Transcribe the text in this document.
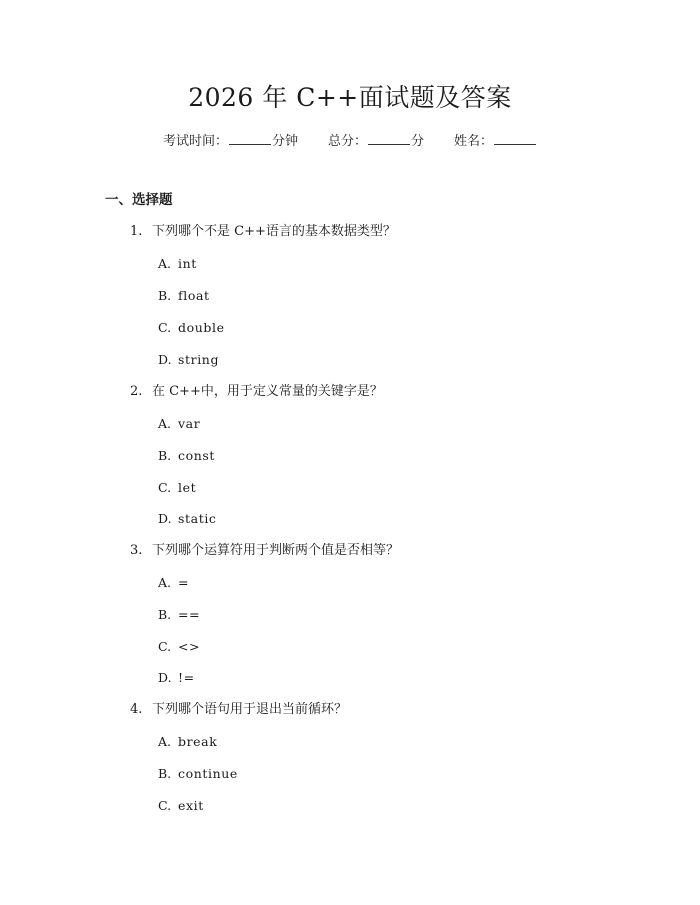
2026 年 C++面试题及答案
考试时间：	分钟 总分：	分 姓名：
一、选择题
1. 下列哪个不是 C++语言的基本数据类型？
A. int
B. float
C. double
D. string
2. 在 C++中，用于定义常量的关键字是？
A. var
B. const
C. let
D. static
3. 下列哪个运算符用于判断两个值是否相等？
A. =
B. ==
C. <>
D. !=
4. 下列哪个语句用于退出当前循环？
A. break
B. continue
C. exit
